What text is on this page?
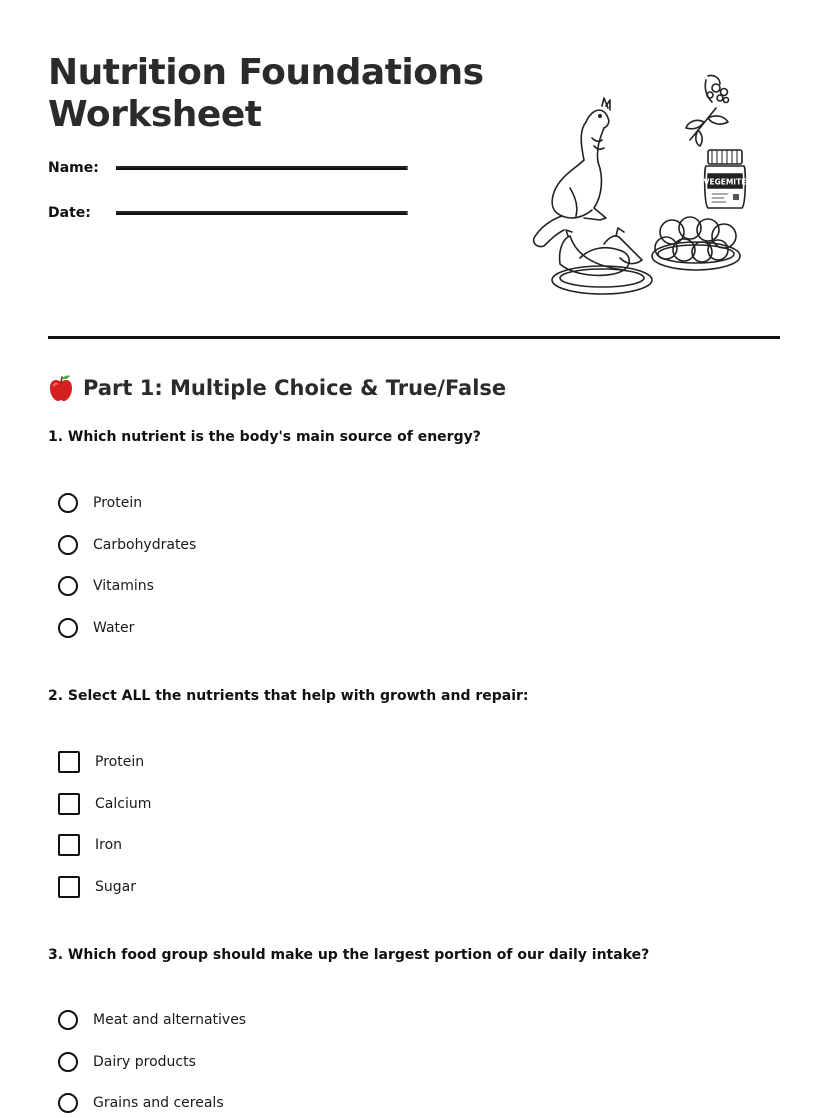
Nutrition Foundations
Worksheet
Name:
Date:
VEGEMITE
Part 1: Multiple Choice & True/False
1. Which nutrient is the body's main source of energy?
Protein
Carbohydrates
Vitamins
Water
2. Select ALL the nutrients that help with growth and repair:
Protein
Calcium
Iron
Sugar
3. Which food group should make up the largest portion of our daily intake?
Meat and alternatives
Dairy products
Grains and cereals
